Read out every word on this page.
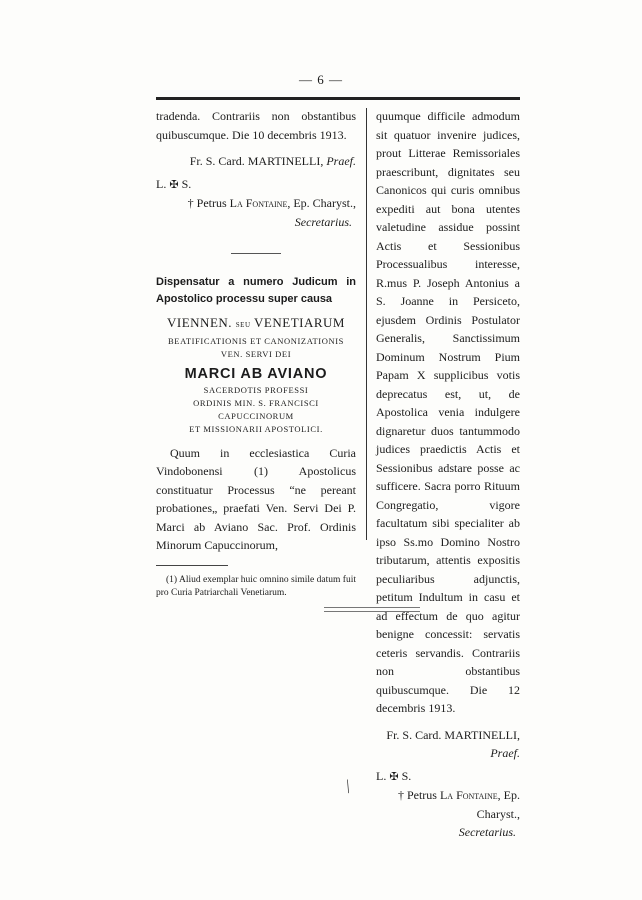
— 6 —

tradenda. Contrariis non obstantibus quibuscumque. Die 10 decembris 1913.

Fr. S. Card. MARTINELLI, Praef.

L. ✠ S.

† Petrus La Fontaine, Ep. Charyst.,

Secretarius.

Dispensatur a numero Judicum in Apostolico processu super causa

VIENNEN. seu VENETIARUM

BEATIFICATIONIS ET CANONIZATIONIS

VEN. SERVI DEI

MARCI AB AVIANO

SACERDOTIS PROFESSI

ORDINIS MIN. S. FRANCISCI CAPUCCINORUM

ET MISSIONARII APOSTOLICI.

Quum in ecclesiastica Curia Vindobonensi (1) Apostolicus constituatur Processus “ne pereant probationes„ praefati Ven. Servi Dei P. Marci ab Aviano Sac. Prof. Ordinis Minorum Capuccinorum,

(1) Aliud exemplar huic omnino simile datum fuit pro Curia Patriarchali Venetiarum.

quumque difficile admodum sit quatuor invenire judices, prout Litterae Remissoriales praescribunt, dignitates seu Canonicos qui curis omnibus expediti aut bona utentes valetudine assidue possint Actis et Sessionibus Processualibus interesse, R.mus P. Joseph Antonius a S. Joanne in Persiceto, ejusdem Ordinis Postulator Generalis, Sanctissimum Dominum Nostrum Pium Papam X supplicibus votis deprecatus est, ut, de Apostolica venia indulgere dignaretur duos tantummodo judices praedictis Actis et Sessionibus adstare posse ac sufficere. Sacra porro Rituum Congregatio, vigore facultatum sibi specialiter ab ipso Ss.mo Domino Nostro tributarum, attentis expositis peculiaribus adjunctis, petitum Indultum in casu et ad effectum de quo agitur benigne concessit: servatis ceteris servandis. Contrariis non obstantibus quibuscumque. Die 12 decembris 1913.

Fr. S. Card. MARTINELLI, Praef.

L. ✠ S.

† Petrus La Fontaine, Ep. Charyst.,

Secretarius.

⟍
